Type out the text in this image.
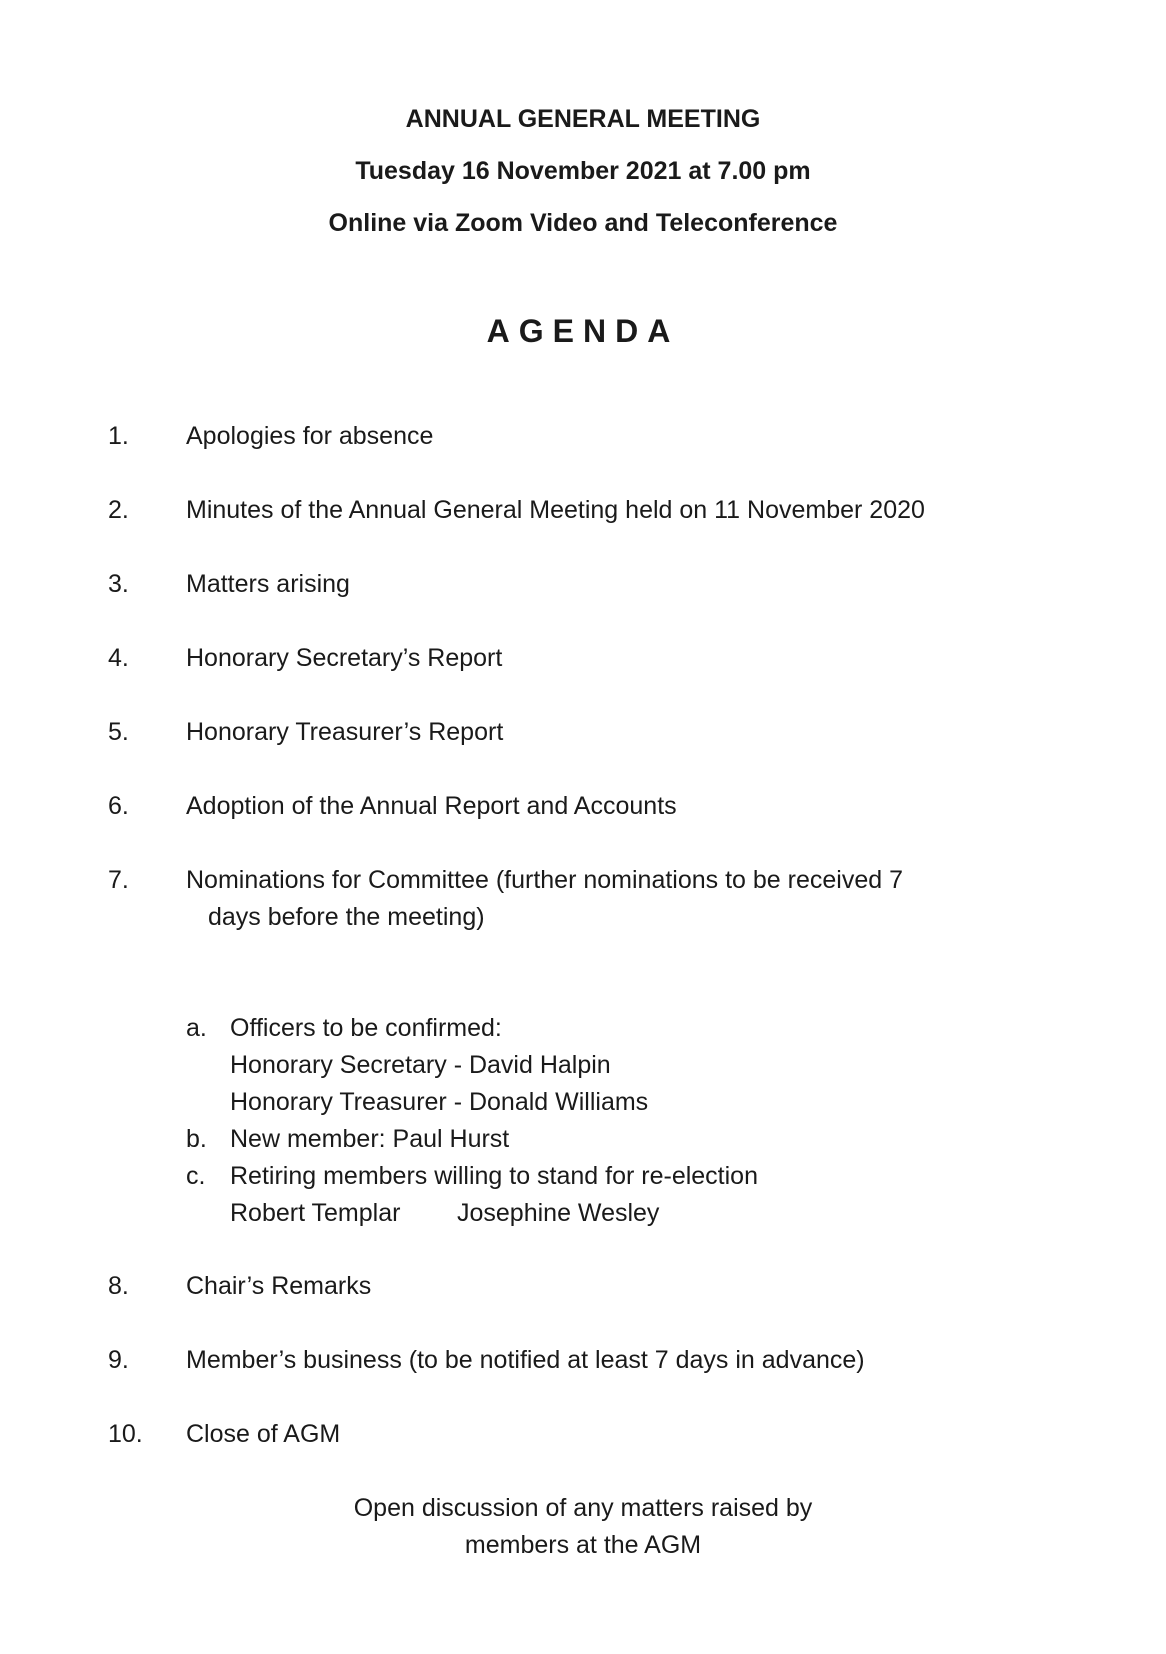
ANNUAL GENERAL MEETING
Tuesday 16 November 2021 at 7.00 pm
Online via Zoom Video and Teleconference
AGENDA
1. Apologies for absence
2. Minutes of the Annual General Meeting held on 11 November 2020
3. Matters arising
4. Honorary Secretary’s Report
5. Honorary Treasurer’s Report
6. Adoption of the Annual Report and Accounts
7. Nominations for Committee (further nominations to be received 7
days before the meeting)
a. Officers to be confirmed:
Honorary Secretary - David Halpin
Honorary Treasurer - Donald Williams
b. New member: Paul Hurst
c. Retiring members willing to stand for re-election
Robert Templar Josephine Wesley
8. Chair’s Remarks
9. Member’s business (to be notified at least 7 days in advance)
10. Close of AGM
Open discussion of any matters raised by
members at the AGM
